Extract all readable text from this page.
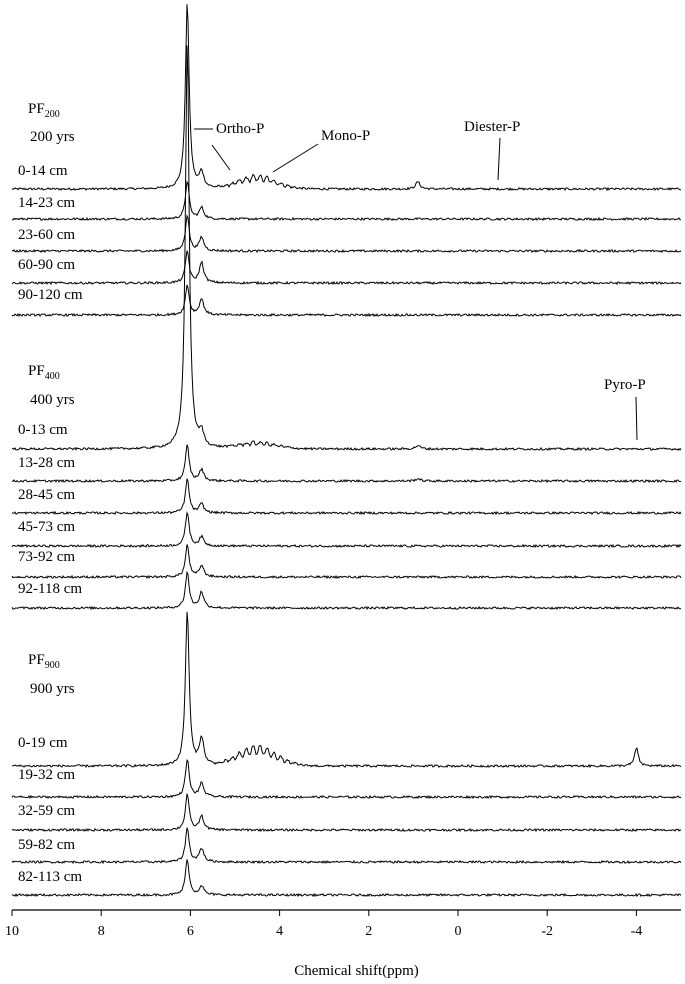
$PF_{200}$
200 yrs
0-14 cm
14-23 cm
23-60 cm
60-90 cm
90-120 cm
$PF_{400}$
400 yrs
0-13 cm
13-28 cm
28-45 cm
45-73 cm
73-92 cm
92-118 cm
$PF_{900}$
900 yrs
0-19 cm
19-32 cm
32-59 cm
59-82 cm
82-113 cm
Ortho-P	Mono-P
Diester-P
Pyro-P
10	8	6	4	2	0	-2	-4
Chemical shift(ppm)
